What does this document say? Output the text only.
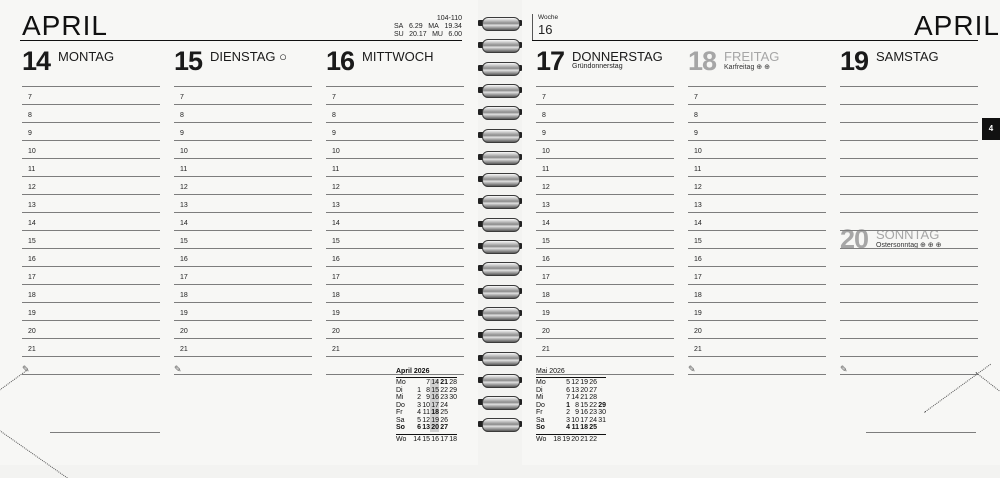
APRIL	104-110
SA 6.29 MA 19.34
SU 20.17 MU 6.00
Woche
16	APRIL
14 MONTAG 15 DIENSTAG ○ 16 MITTWOCH	17 DONNERSTAG
Gründonnerstag 18 FREITAG
Karfreitag ⊕ ⊕	19 SAMSTAG
20 SONNTAG
Ostersonntag ⊕ ⊕ ⊕
7
8
9
10
11
12
13
14
15
16
17
18
19
20
21
7
8
9
10
11
12
13
14
15
16
17
18
19
20
21
7
8
9
10
11
12
13
14
15
16
17
18
19
20
21
7
8
9
10
11
12
13
14
15
16
17
18
19
20
21
7
8
9
10
11
12
13
14
15
16
17
18
19
20
21
✎	✎	✎	✎
April 2026
Mo		7	14	21	28
Di	1	8	15	22	29
Mi	2	9	16	23	30
Do	3	10	17	24	
Fr	4	11	18	25	
Sa	5	12	19	26	
So	6	13	20	27	
Wo	14	15	16	17	18
Mai 2026
Mo		5	12	19	26	
Di		6	13	20	27	
Mi		7	14	21	28	
Do		1	8	15	22	29
Fr		2	9	16	23	30
Sa		3	10	17	24	31
So		4	11	18	25	
Wo	18	19	20	21	22
4
